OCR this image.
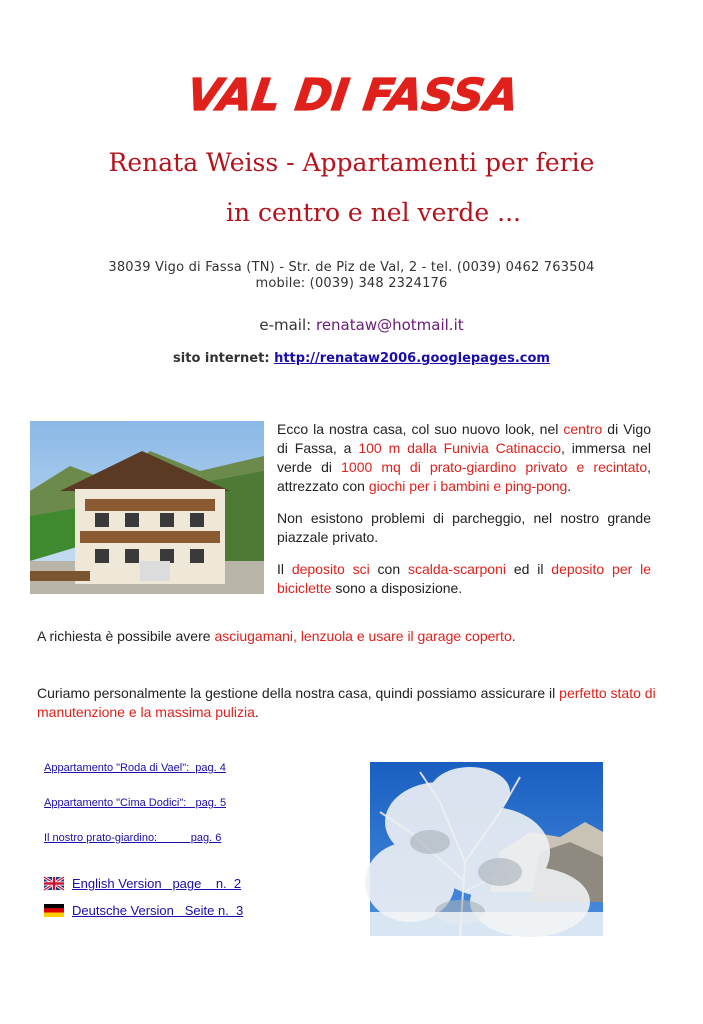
VAL DI FASSA
Renata Weiss - Appartamenti per ferie
in centro e nel verde ...
38039 Vigo di Fassa (TN) - Str. de Piz de Val, 2 - tel. (0039) 0462 763504
mobile: (0039) 348 2324176
e-mail: renataw@hotmail.it
sito internet: http://renataw2006.googlepages.com

Ecco la nostra casa, col suo nuovo look, nel centro di Vigo di Fassa, a 100 m dalla Funivia Catinaccio, immersa nel verde di 1000 mq di prato-giardino privato e recintato, attrezzato con giochi per i bambini e ping-pong.

Non esistono problemi di parcheggio, nel nostro grande piazzale privato.

Il deposito sci con scalda-scarponi ed il deposito per le biciclette sono a disposizione.

A richiesta è possibile avere asciugamani, lenzuola e usare il garage coperto.
Curiamo personalmente la gestione della nostra casa, quindi possiamo assicurare il perfetto stato di manutenzione e la massima pulizia.
Appartamento "Roda di Vael":  pag. 4
Appartamento "Cima Dodici":   pag. 5
Il nostro prato-giardino:           pag. 6
English Version   page    n.  2
Deutsche Version   Seite n.  3
